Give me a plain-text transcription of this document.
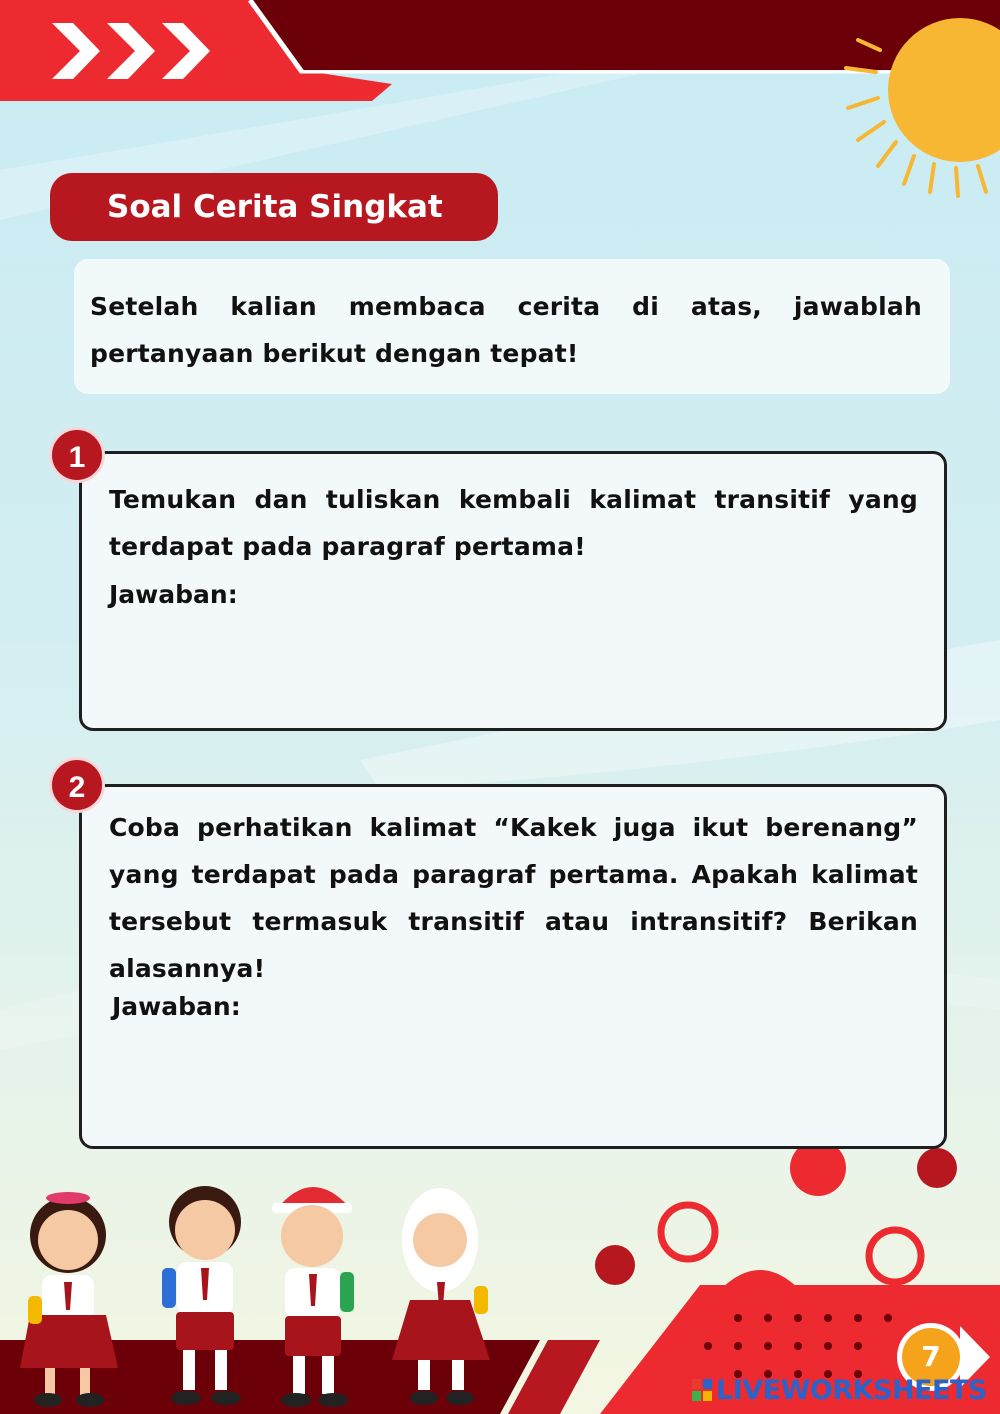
Soal Cerita Singkat

Setelah kalian membaca cerita di atas, jawablah pertanyaan berikut dengan tepat!

Temukan dan tuliskan kembali kalimat transitif yang terdapat pada paragraf pertama!

Jawaban:
1

Coba perhatikan kalimat “Kakek juga ikut berenang” yang terdapat pada paragraf pertama. Apakah kalimat tersebut termasuk transitif atau intransitif? Berikan alasannya!

Jawaban:
2
7
LIVEWORKSHEETS
